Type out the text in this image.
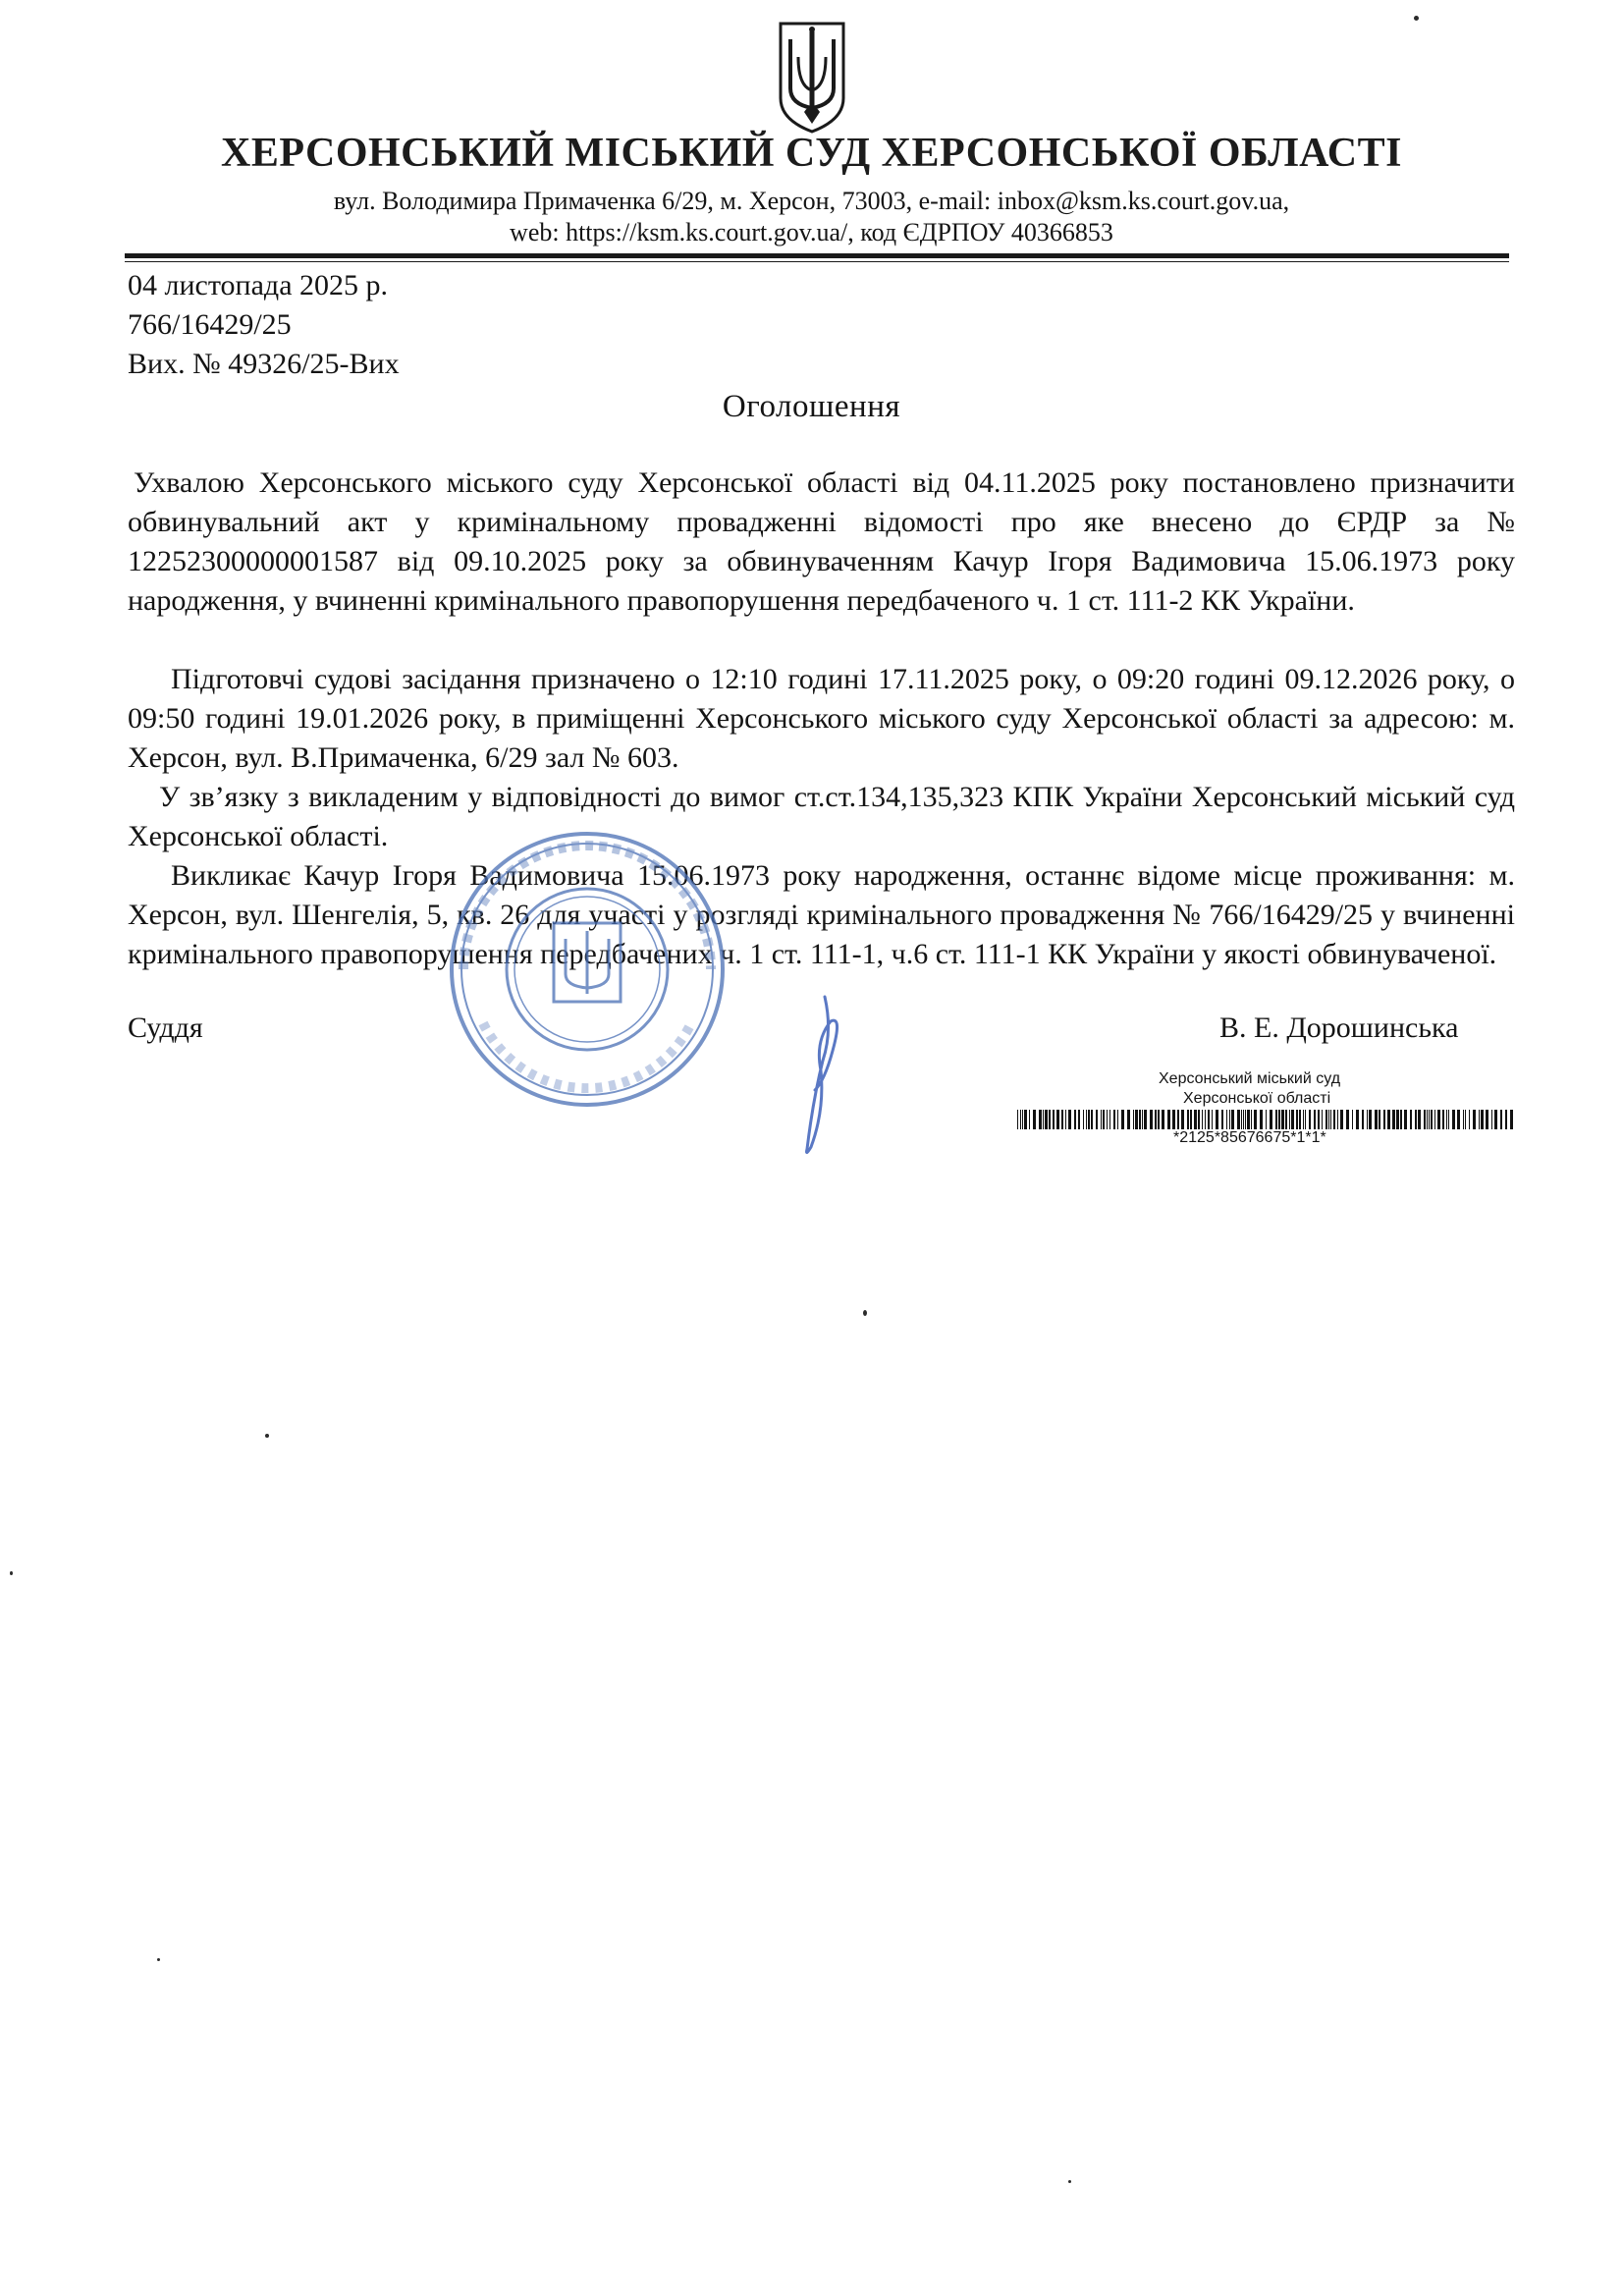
ХЕРСОНСЬКИЙ МІСЬКИЙ СУД ХЕРСОНСЬКОЇ ОБЛАСТІ
вул. Володимира Примаченка 6/29, м. Херсон, 73003, e-mail: inbox@ksm.ks.court.gov.ua,
web: https://ksm.ks.court.gov.ua/, код ЄДРПОУ 40366853
04 листопада 2025 р.
766/16429/25
Вих. № 49326/25-Вих
Оголошення

Ухвалою Херсонського міського суду Херсонської області від 04.11.2025 року постановлено призначити обвинувальний акт у кримінальному провадженні відомості про яке внесено до ЄРДР за № 12252300000001587 від 09.10.2025 року за обвинуваченням Качур Ігоря Вадимовича 15.06.1973 року народження, у вчиненні кримінального правопорушення передбаченого ч. 1 ст. 111-2 КК України.

Підготовчі судові засідання призначено о 12:10 годині 17.11.2025 року, о 09:20 годині 09.12.2026 року, о 09:50 годині 19.01.2026 року, в приміщенні Херсонського міського суду Херсонської області за адресою: м. Херсон, вул. В.Примаченка, 6/29 зал № 603.

У зв’язку з викладеним у відповідності до вимог ст.ст.134,135,323 КПК України Херсонський міський суд Херсонської області.

Викликає Качур Ігоря Вадимовича 15.06.1973 року народження, останнє відоме місце проживання: м. Херсон, вул. Шенгелія, 5, кв. 26 для участі у розгляді кримінального провадження № 766/16429/25 у вчиненні кримінального правопорушення передбачених ч. 1 ст. 111-1, ч.6 ст. 111-1 КК України у якості обвинуваченої.

Суддя	В. Е. Дорошинська
Херсонський міський суд
Херсонської області
*2125*85676675*1*1*
